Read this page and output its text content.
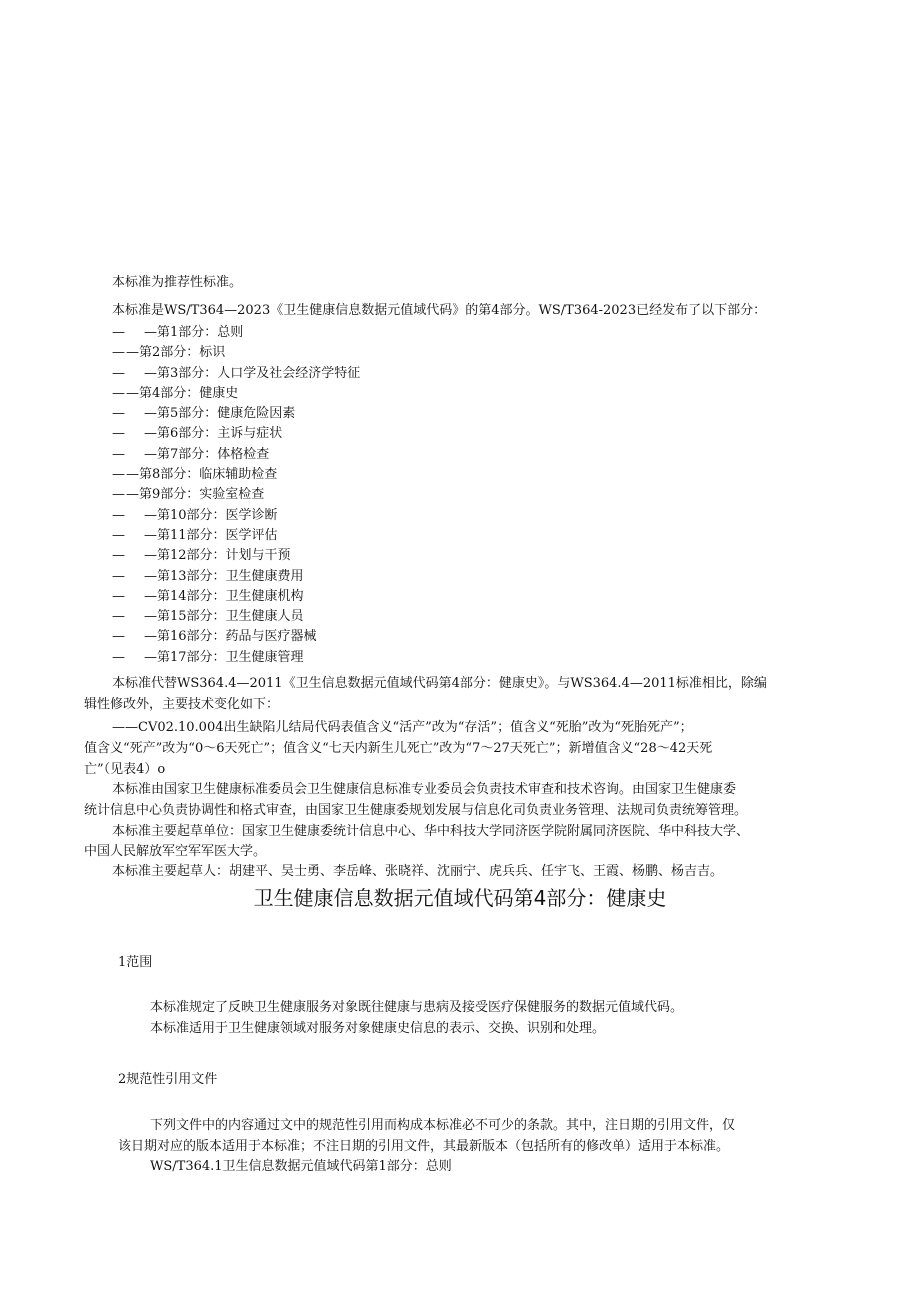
本标准为推荐性标准。
本标准是WS/T364—2023《卫生健康信息数据元值域代码》的第4部分。WS/T364-2023已经发布了以下部分：
— —第1部分：总则
——第2部分：标识
— —第3部分：人口学及社会经济学特征
——第4部分：健康史
— —第5部分：健康危险因素
— —第6部分：主诉与症状
— —第7部分：体格检查
——第8部分：临床辅助检查
——第9部分：实验室检查
— —第10部分：医学诊断
— —第11部分：医学评估
— —第12部分：计划与干预
— —第13部分：卫生健康费用
— —第14部分：卫生健康机构
— —第15部分：卫生健康人员
— —第16部分：药品与医疗器械
— —第17部分：卫生健康管理
本标准代替WS364.4—2011《卫生信息数据元值域代码第4部分：健康史》。与WS364.4—2011标准相比，除编
辑性修改外，主要技术变化如下：
——CV02.10.004出生缺陷儿结局代码表值含义“活产”改为“存活”；值含义“死胎”改为“死胎死产”；
值含义“死产”改为“0～6天死亡”；值含义“七天内新生儿死亡”改为“7～27天死亡”；新增值含义“28～42天死
亡”（见表4）o
本标准由国家卫生健康标准委员会卫生健康信息标准专业委员会负责技术审查和技术咨询。由国家卫生健康委
统计信息中心负责协调性和格式审查，由国家卫生健康委规划发展与信息化司负责业务管理、法规司负责统筹管理。
本标准主要起草单位：国家卫生健康委统计信息中心、华中科技大学同济医学院附属同济医院、华中科技大学、
中国人民解放军空军军医大学。
本标准主要起草人：胡建平、吴士勇、李岳峰、张晓祥、沈丽宁、虎兵兵、任宇飞、王霞、杨鹏、杨吉吉。
卫生健康信息数据元值域代码第4部分：健康史
1范围
本标准规定了反映卫生健康服务对象既往健康与患病及接受医疗保健服务的数据元值域代码。
本标准适用于卫生健康领域对服务对象健康史信息的表示、交换、识别和处理。
2规范性引用文件
下列文件中的内容通过文中的规范性引用而构成本标准必不可少的条款。其中，注日期的引用文件，仅
该日期对应的版本适用于本标准；不注日期的引用文件，其最新版本（包括所有的修改单）适用于本标准。
WS/T364.1卫生信息数据元值域代码第1部分：总则
